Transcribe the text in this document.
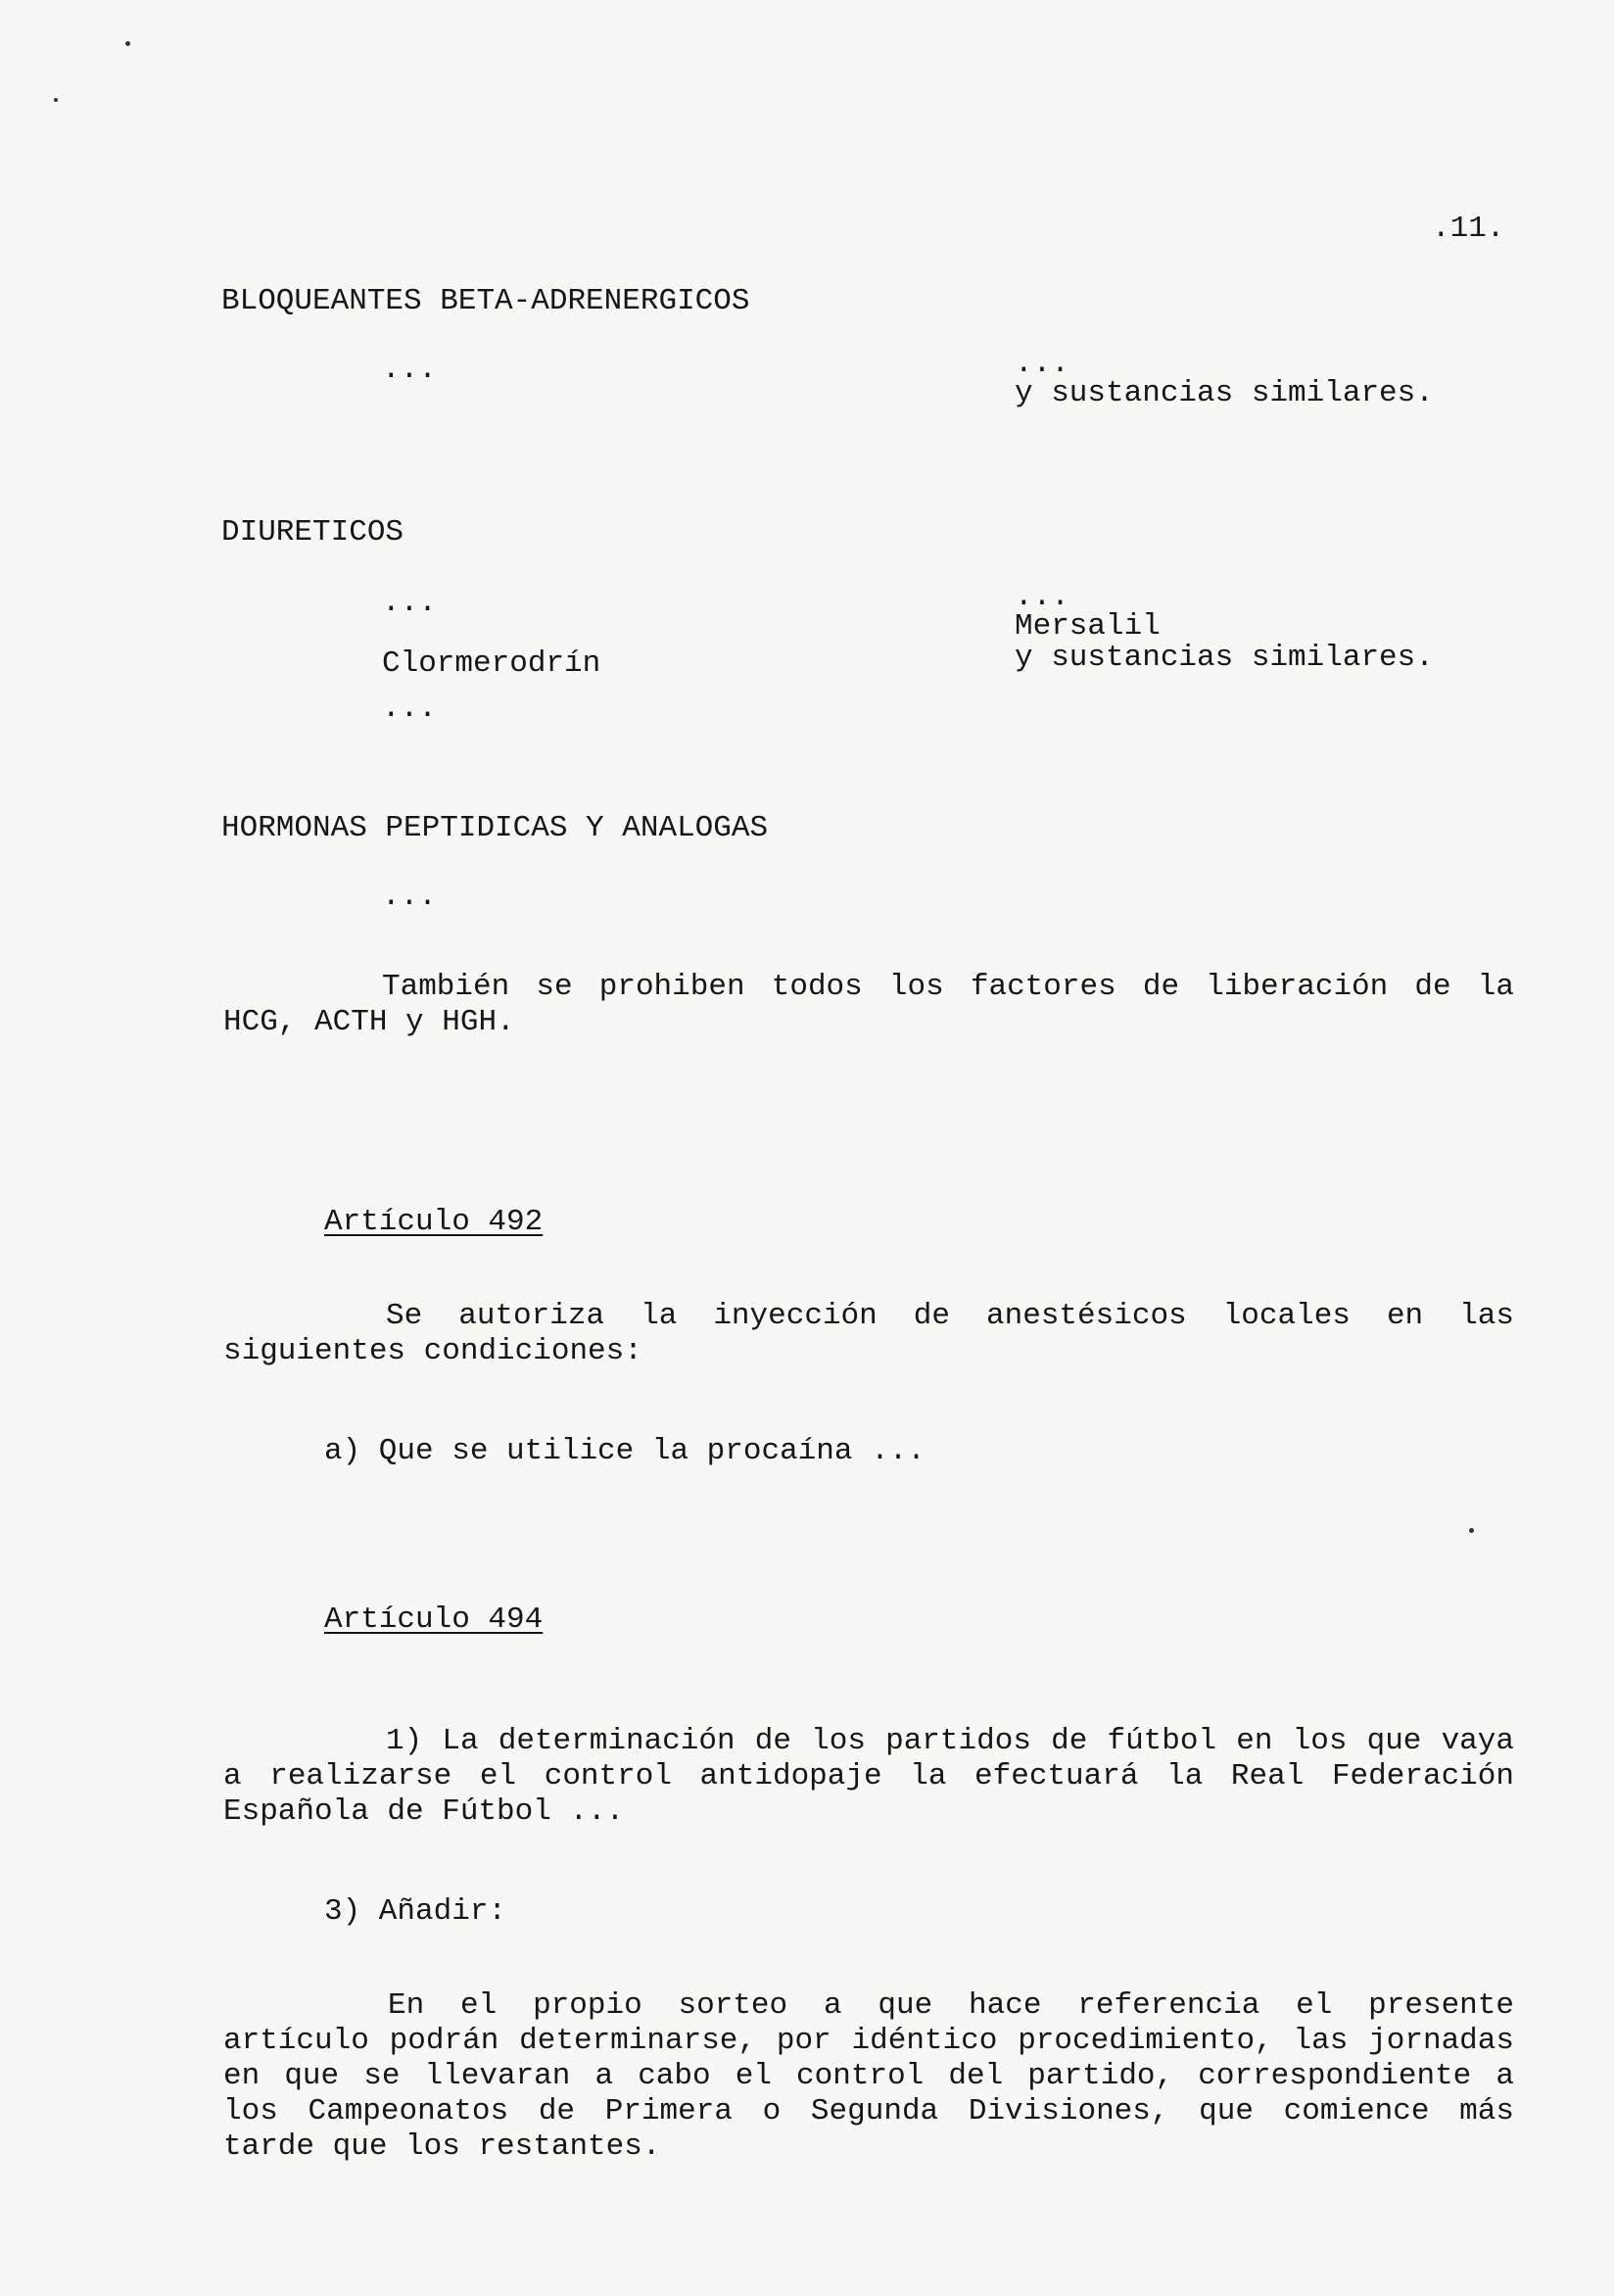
.11.
BLOQUEANTES BETA-ADRENERGICOS
...	...
y sustancias similares.
DIURETICOS
...
Clormerodrín
...
...
Mersalil
y sustancias similares.
HORMONAS PEPTIDICAS Y ANALOGAS
...
También se prohiben todos los factores de liberación de la HCG, ACTH y HGH.
Artículo 492
Se autoriza la inyección de anestésicos locales en las siguientes condiciones:
a) Que se utilice la procaína ...
Artículo 494
1) La determinación de los partidos de fútbol en los que vaya a realizarse el control antidopaje la efectuará la Real Federación Española de Fútbol ...
3) Añadir:
En el propio sorteo a que hace referencia el presente artículo podrán determinarse, por idéntico procedimiento, las jornadas en que se llevaran a cabo el control del partido, correspondiente a los Campeonatos de Primera o Segunda Divisiones, que comience más tarde que los restantes.
